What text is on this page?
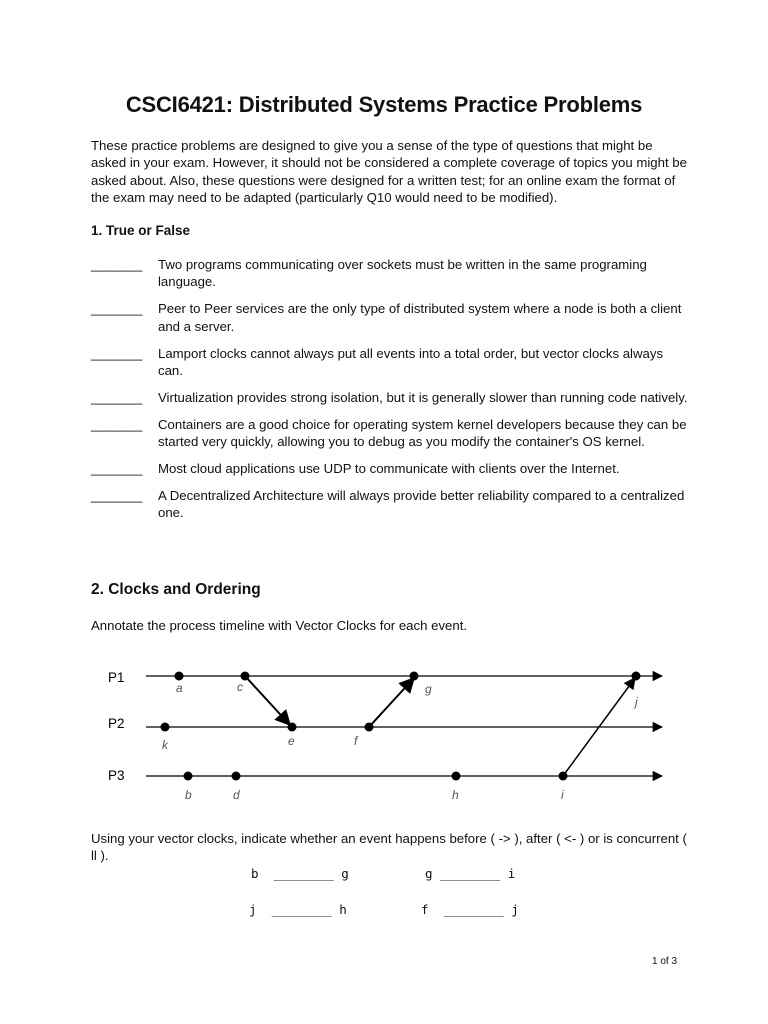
CSCI6421: Distributed Systems Practice Problems
These practice problems are designed to give you a sense of the type of questions that might be asked in your exam. However, it should not be considered a complete coverage of topics you might be asked about. Also, these questions were designed for a written test; for an online exam the format of the exam may need to be adapted (particularly Q10 would need to be modified).
1. True or False
_______	Two programs communicating over sockets must be written in the same programing language.
_______	Peer to Peer services are the only type of distributed system where a node is both a client and a server.
_______	Lamport clocks cannot always put all events into a total order, but vector clocks always can.
_______	Virtualization provides strong isolation, but it is generally slower than running code natively.
_______	Containers are a good choice for operating system kernel developers because they can be started very quickly, allowing you to debug as you modify the container's OS kernel.
_______	Most cloud applications use UDP to communicate with clients over the Internet.
_______	A Decentralized Architecture will always provide better reliability compared to a centralized one.
2. Clocks and Ordering
Annotate the process timeline with Vector Clocks for each event.
P1
P2
P3
a	c	g
j
k	e	f
b	d	h	i
Using your vector clocks, indicate whether an event happens before ( -> ), after ( <- ) or is concurrent ( ll ).
b  ________ g	g ________ i
j  ________ h	f  ________ j
1 of 3
